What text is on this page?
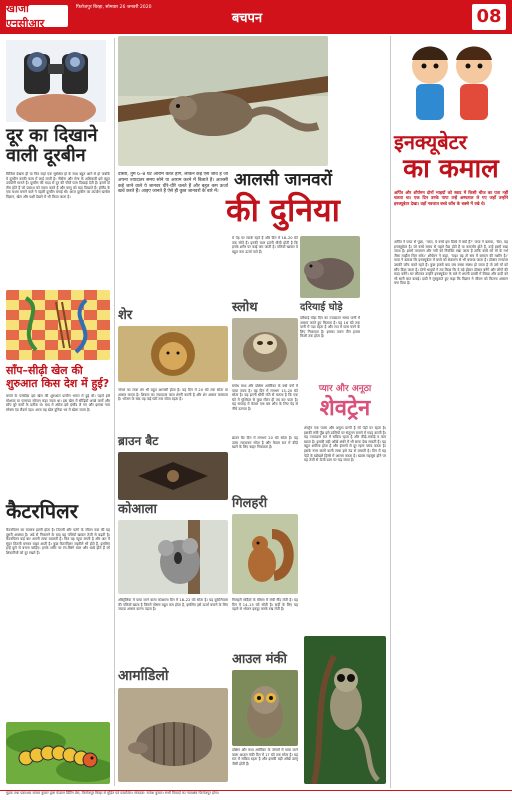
खोजी एनसीआर
फिरोजपुर बिरहा, सोमवार 26 जनवरी 2020
बचपन	08
दूर का दिखाने वाली दूरबीन
बिजिल देखना ही या फिर जहां एक सुरक्षित हो के साथ बहुत आगे से हो जबकि ये दूरबीन काफी काम में लाई जाती है। नौसेना और सेना के अधिकारी इसे बहुत उपयोगी मानते हैं। दूरबीन की मदद से दूर की चीजें पास दिखाई देती हैं। इसमें दो लेंस होते हैं जो प्रकाश को एकत्र करते हैं और वस्तु को बड़ा दिखाते हैं। हॉलैंड के एक चश्मा बनाने वाले ने पहली दूरबीन बनाई थी। आज दूरबीन का उपयोग खगोल विज्ञान, खेल और पक्षी देखने में भी किया जाता है।
साँप–सीढ़ी खेल की शुरुआत किस देश में हुई?
बच्चों के पसंदीदा इस खेल की शुरुआत प्राचीन भारत में हुई थी। पहले इसे मोक्षपट या परमपद सोपान कहा जाता था। इस खेल में सीढ़ियाँ अच्छे कर्मों और साँप बुरे कर्मों के प्रतीक थे। बाद में अंग्रेज इसे इंग्लैंड ले गए और इसका नाम स्नेक्स एंड लैडर्स पड़ा। आज यह खेल दुनिया भर में खेला जाता है।
कैटरपिलर
कैटरपिलर का मतलब इल्ली होता है। तितली और पतंगे के जीवन चक्र की यह दूसरी अवस्था है। अंडे से निकलने के बाद यह पत्तियाँ खाकर तेजी से बढ़ती है। कैटरपिलर कई बार अपनी त्वचा बदलती है। फिर यह प्यूपा बनती है और अंत में सुंदर तितली बनकर बाहर आती है। कुछ कैटरपिलर जहरीले भी होते हैं, इसलिए इन्हें छूने से बचना चाहिए। इनके शरीर पर रंग-बिरंगे बाल और धब्बे होते हैं जो शिकारियों को दूर रखते हैं।
दोस्तो, तुम 6–8 घंटे आराम करते होगे, लेकिन कई ऐसे जीव हैं जो अपना ज्यादातर समय सोने या आराम करने में बिताते हैं। आलसी कहे जाने वाले ये जानवर धीरे-धीरे चलते हैं और बहुत कम ऊर्जा खर्च करते हैं। आइए जानते हैं ऐसे ही कुछ जानवरों के बारे में।
आलसी जानवरों
की दुनिया
ये पेड़ पर लटके रहते हैं और दिन में 18–20 घंटे तक सोते हैं। इनकी चाल इतनी धीमी होती है कि इनके शरीर पर काई जम जाती है। पत्तियाँ खाकर ये बहुत कम ऊर्जा पाते हैं।
दरियाई घोड़े
दरियाई घोड़ा दिन का ज्यादातर समय पानी में आराम करते हुए बिताता है। यह 16 घंटे तक पानी में पड़ा रहता है और रात में घास चरने के लिए निकलता है। इसका वजन तीन हजार किलो तक होता है।
स्लोथ
स्लोथ मध्य और दक्षिण अमेरिका के वर्षा वनों में पाया जाता है। यह दिन में लगभग 15–20 घंटे सोता है। यह इतनी धीमी गति से चलता है कि एक घंटे में मुश्किल से कुछ मीटर ही तय कर पाता है। यह सप्ताह में केवल एक बार शौच के लिए पेड़ से नीचे उतरता है।
शेर
जंगल का राजा शेर भी बहुत आलसी होता है। यह दिन में 20 घंटे तक सोता या आराम करता है। शिकार का ज्यादातर काम शेरनी करती है और शेर आराम फरमाता है। भोजन के बाद यह कई घंटों तक सोता रहता है।
ब्राउन बैट	ब्राउन बैट दिन में लगभग 20 घंटे सोता है। यह उल्टा लटककर सोता है और केवल रात में कीड़े खाने के लिए बाहर निकलता है।
कोआला
ऑस्ट्रेलिया में पाया जाने वाला कोआला दिन में 18–22 घंटे सोता है। यह यूकेलिप्टस की पत्तियाँ खाता है जिनमें पोषण बहुत कम होता है, इसलिए इसे ऊर्जा बचाने के लिए ज्यादा आराम करना पड़ता है।
गिलहरी
गिलहरी सर्दियों के मौसम में लंबी नींद लेती है। यह दिन में 14–15 घंटे सोती है। सर्दी के लिए यह पहले से भोजन इकट्ठा करके रख लेती है।
आर्माडिलो
आउल मंकी
दक्षिण और मध्य अमेरिका के जंगलों में पाया जाने वाला आउल मंकी दिन में 17 घंटे तक सोता है। यह रात में सक्रिय रहता है और इसकी बड़ी आँखें उल्लू जैसी होती हैं।
प्यार और अनूठा
शेवट्रेन
शेवट्रेन एक प्यारा और अनूठा प्राणी है जो पेड़ों पर रहता है। इसकी लंबी पूँछ इसे डालियों पर संतुलन बनाने में मदद करती है। यह ज्यादातर रात में सक्रिय रहता है और कीड़े-मकोड़े व फल खाता है। इसकी बड़ी आँखें अंधेरे में भी साफ देख सकती हैं। यह बहुत शर्मीला होता है और इंसानों से दूर रहना पसंद करता है। इसके नरम बालों वाली त्वचा इसे ठंड से बचाती है। दिन में यह पेड़ों के खोखले हिस्से में आराम करता है। खतरा महसूस होने पर यह तेजी से ऊँची डाल पर चढ़ जाता है।
इनक्यूबेटर
का कमाल
अर्पित और शौर्यमन दोनों भाइयों को स्वाद में किसी चीज का पता नहीं चलता था। एक दिन उनके पापा उन्हें अस्पताल ले गए जहाँ उन्होंने इनक्यूबेटर देखा। वहाँ नवजात बच्चे काँच के बक्से में रखे थे।
अर्पित ने पापा से पूछा, ‘पापा, ये बच्चे इस डिब्बे में क्यों हैं?’ पापा ने बताया, ‘बेटा, यह इनक्यूबेटर है। जो बच्चे समय से पहले पैदा होते हैं या कमजोर होते हैं, उन्हें इसमें रखा जाता है। इसमें तापमान और नमी को नियंत्रित रखा जाता है ताकि बच्चे को माँ के गर्भ जैसा माहौल मिल सके।’ शौर्यमन ने कहा, ‘वाह! यह तो सच में कमाल की मशीन है।’ पापा ने बताया कि इनक्यूबेटर में बच्चे को संक्रमण से भी बचाया जाता है। डॉक्टर लगातार उसकी जाँच करते रहते हैं। कुछ हफ्तों बाद जब बच्चा स्वस्थ हो जाता है तो उसे माँ को सौंप दिया जाता है। दोनों भाइयों ने तय किया कि वे बड़े होकर डॉक्टर बनेंगे और लोगों की मदद करेंगे। घर लौटकर उन्होंने इनक्यूबेटर के बारे में अपनी डायरी में लिखा और दादी को भी सारी बात बताई। दादी ने मुस्कुराते हुए कहा कि विज्ञान ने जीवन को कितना आसान बना दिया है।
मुद्रक तथा प्रकाशक सत्यम कुमार द्वारा फेडरल प्रिंटिंग प्रेस, फिरोजपुर बिरहा से मुद्रित एवं प्रकाशित। संपादक: राजेश कुमार। सभी विवादों का न्यायक्षेत्र फिरोजपुर होगा।
